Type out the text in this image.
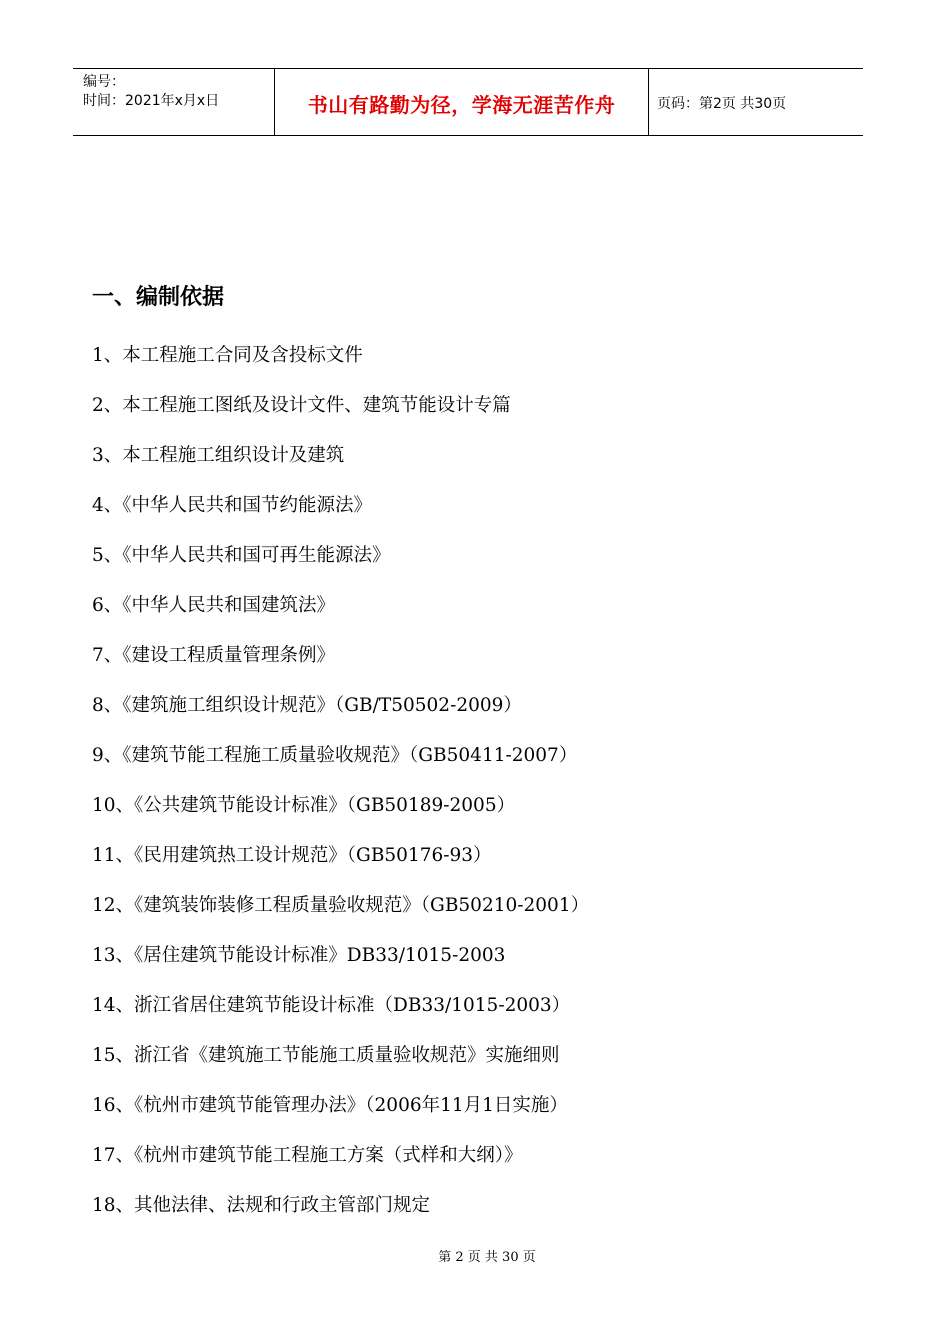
编号：
时间：2021年x月x日	书山有路勤为径，学海无涯苦作舟	页码：第2页 共30页
一、编制依据
1、本工程施工合同及含投标文件
2、本工程施工图纸及设计文件、建筑节能设计专篇
3、本工程施工组织设计及建筑
4、《中华人民共和国节约能源法》
5、《中华人民共和国可再生能源法》
6、《中华人民共和国建筑法》
7、《建设工程质量管理条例》
8、《建筑施工组织设计规范》（GB/T50502-2009）
9、《建筑节能工程施工质量验收规范》（GB50411-2007）
10、《公共建筑节能设计标准》（GB50189-2005）
11、《民用建筑热工设计规范》（GB50176-93）
12、《建筑装饰装修工程质量验收规范》（GB50210-2001）
13、《居住建筑节能设计标准》DB33/1015-2003
14、浙江省居住建筑节能设计标准（DB33/1015-2003）
15、浙江省《建筑施工节能施工质量验收规范》实施细则
16、《杭州市建筑节能管理办法》（2006年11月1日实施）
17、《杭州市建筑节能工程施工方案（式样和大纲）》
18、其他法律、法规和行政主管部门规定
第 2 页 共 30 页
